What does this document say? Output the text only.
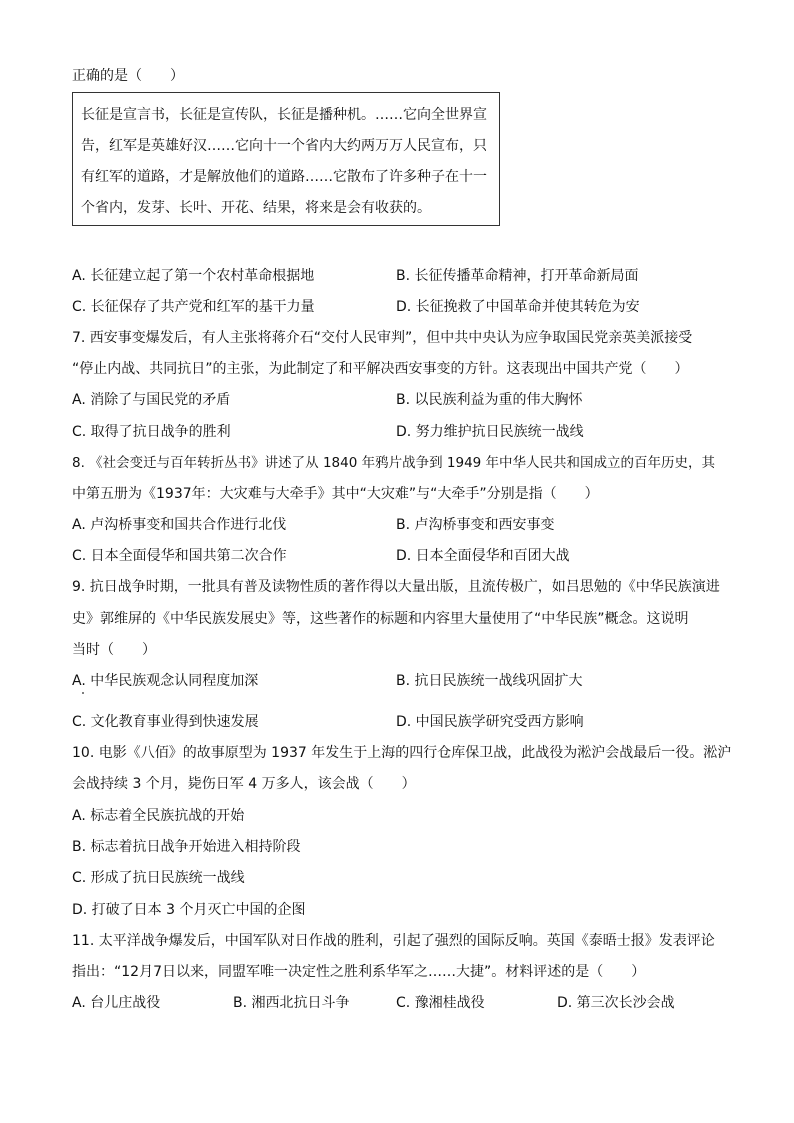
正确的是（　　）
长征是宣言书，长征是宣传队，长征是播种机。……它向全世界宣
告，红军是英雄好汉……它向十一个省内大约两万万人民宣布，只
有红军的道路，才是解放他们的道路……它散布了许多种子在十一
个省内，发芽、长叶、开花、结果，将来是会有收获的。
A. 长征建立起了第一个农村革命根据地	B. 长征传播革命精神，打开革命新局面
C. 长征保存了共产党和红军的基干力量	D. 长征挽救了中国革命并使其转危为安
7. 西安事变爆发后，有人主张将蒋介石“交付人民审判”，但中共中央认为应争取国民党亲英美派接受
“停止内战、共同抗日”的主张，为此制定了和平解决西安事变的方针。这表现出中国共产党（　　）
A. 消除了与国民党的矛盾	B. 以民族利益为重的伟大胸怀
C. 取得了抗日战争的胜利	D. 努力维护抗日民族统一战线
8. 《社会变迁与百年转折丛书》讲述了从 1840 年鸦片战争到 1949 年中华人民共和国成立的百年历史，其
中第五册为《1937年：大灾难与大牵手》其中“大灾难”与“大牵手”分别是指（　　）
A. 卢沟桥事变和国共合作进行北伐	B. 卢沟桥事变和西安事变
C. 日本全面侵华和国共第二次合作	D. 日本全面侵华和百团大战
9. 抗日战争时期，一批具有普及读物性质的著作得以大量出版，且流传极广，如吕思勉的《中华民族演进
史》郭维屏的《中华民族发展史》等，这些著作的标题和内容里大量使用了“中华民族”概念。这说明
当时（　　）
A. 中华民族观念认同程度加深	B. 抗日民族统一战线巩固扩大
C. 文化教育事业得到快速发展	D. 中国民族学研究受西方影响
10. 电影《八佰》的故事原型为 1937 年发生于上海的四行仓库保卫战，此战役为淞沪会战最后一役。淞沪
会战持续 3 个月，毙伤日军 4 万多人，该会战（　　）
A. 标志着全民族抗战的开始
B. 标志着抗日战争开始进入相持阶段
C. 形成了抗日民族统一战线
D. 打破了日本 3 个月灭亡中国的企图
11. 太平洋战争爆发后，中国军队对日作战的胜利，引起了强烈的国际反响。英国《泰晤士报》发表评论
指出：“12月7日以来，同盟军唯一决定性之胜利系华军之……大捷”。材料评述的是（　　）
A. 台儿庄战役	B. 湘西北抗日斗争	C. 豫湘桂战役	D. 第三次长沙会战
